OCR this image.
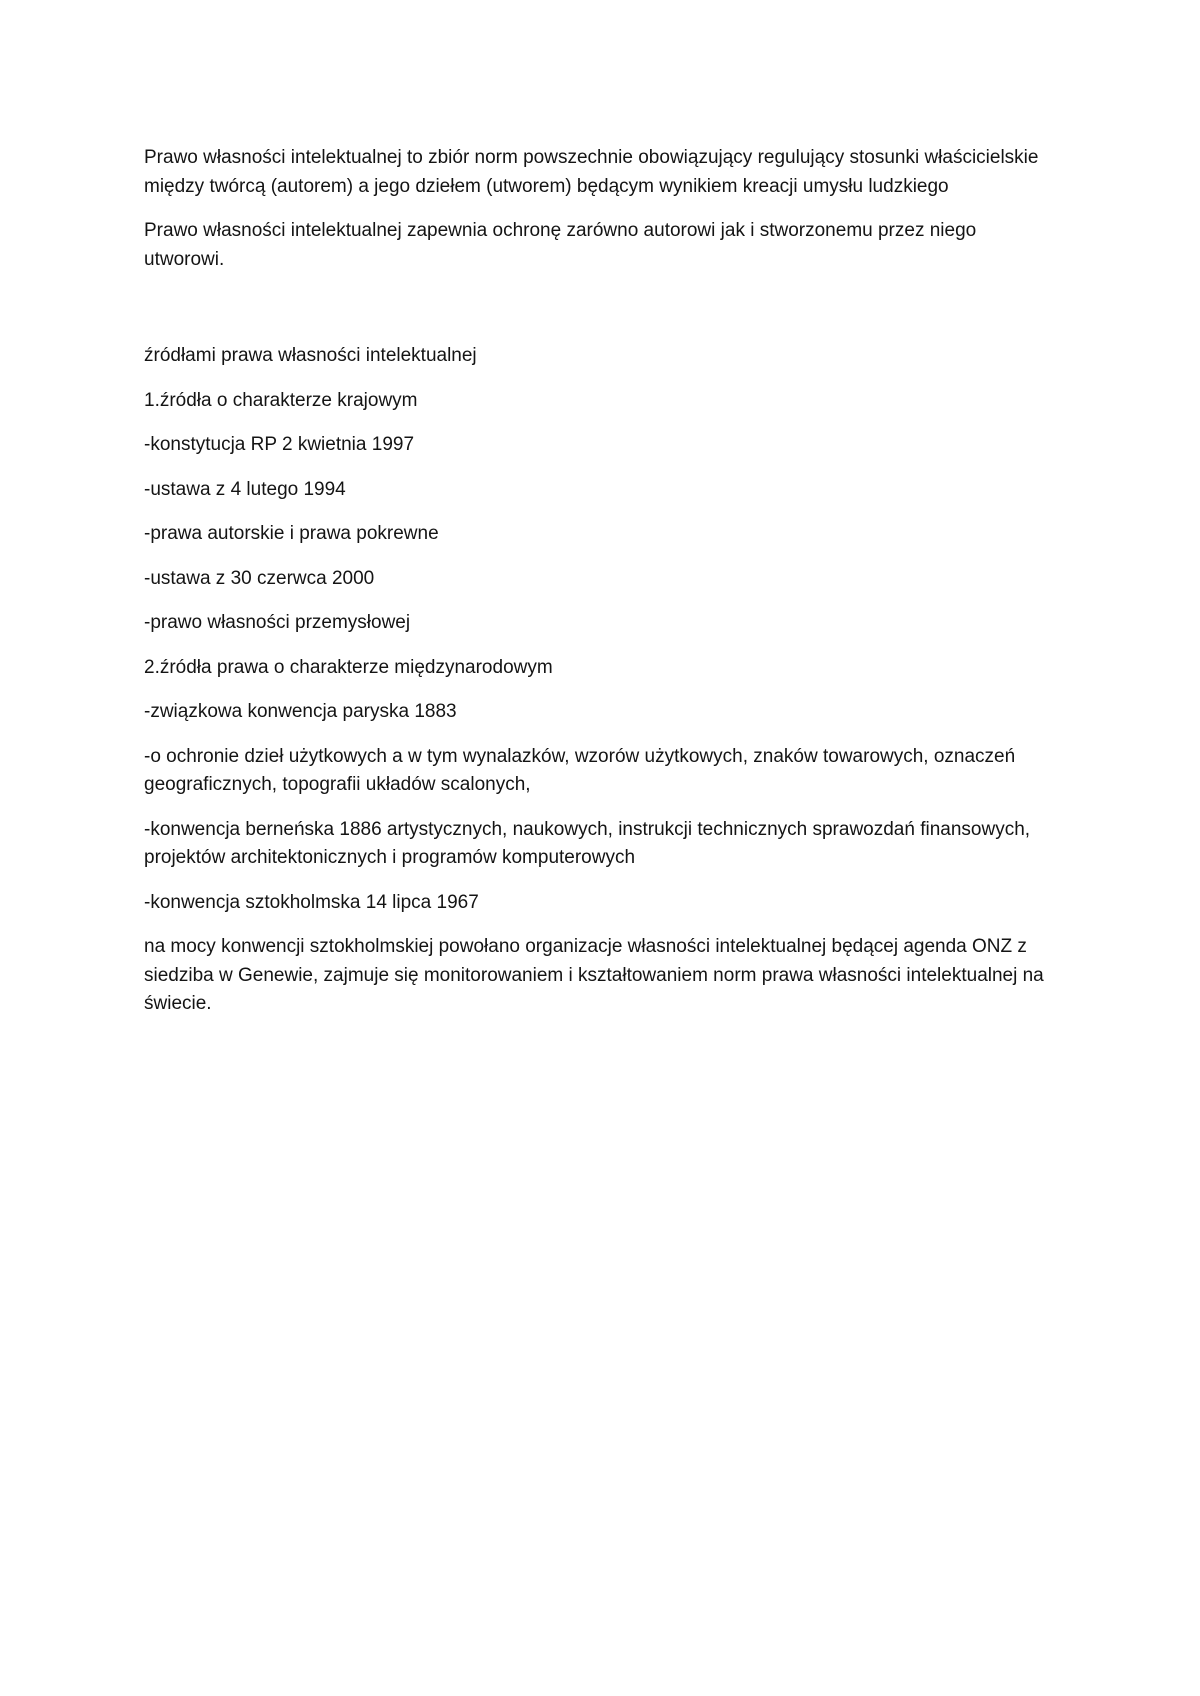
Prawo własności intelektualnej to zbiór norm powszechnie obowiązujący regulujący stosunki właścicielskie między twórcą (autorem) a jego dziełem (utworem) będącym wynikiem kreacji umysłu ludzkiego

Prawo własności intelektualnej zapewnia ochronę zarówno autorowi jak i stworzonemu przez niego utworowi.

źródłami prawa własności intelektualnej

1.źródła o charakterze krajowym

-konstytucja RP 2 kwietnia 1997

-ustawa z 4 lutego 1994

-prawa autorskie i prawa pokrewne

-ustawa z 30 czerwca 2000

-prawo własności przemysłowej

2.źródła prawa o charakterze międzynarodowym

-związkowa konwencja paryska 1883

-o ochronie dzieł użytkowych a w tym wynalazków, wzorów użytkowych, znaków towarowych, oznaczeń geograficznych, topografii układów scalonych,

-konwencja berneńska 1886 artystycznych, naukowych, instrukcji technicznych sprawozdań finansowych, projektów architektonicznych i programów komputerowych

-konwencja sztokholmska 14 lipca 1967

na mocy konwencji sztokholmskiej powołano organizacje własności intelektualnej będącej agenda ONZ z siedziba w Genewie, zajmuje się monitorowaniem i kształtowaniem norm prawa własności intelektualnej na świecie.
